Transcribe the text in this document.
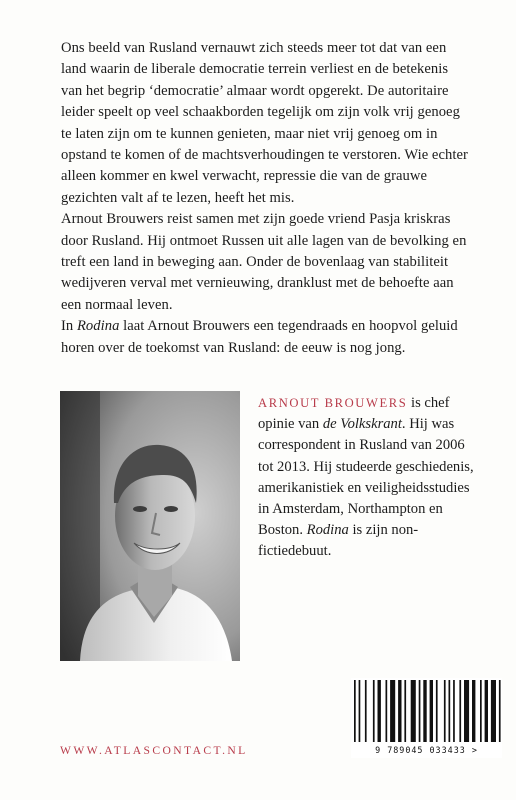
Ons beeld van Rusland vernauwt zich steeds meer tot dat van een land waarin de liberale democratie terrein verliest en de betekenis van het begrip ‘democratie’ almaar wordt opgerekt. De autoritaire leider speelt op veel schaakborden tegelijk om zijn volk vrij genoeg te laten zijn om te kunnen genieten, maar niet vrij genoeg om in opstand te komen of de machtsverhoudingen te verstoren. Wie echter alleen kommer en kwel verwacht, repressie die van de grauwe gezichten valt af te lezen, heeft het mis.

Arnout Brouwers reist samen met zijn goede vriend Pasja kriskras door Rusland. Hij ontmoet Russen uit alle lagen van de bevolking en treft een land in beweging aan. Onder de bovenlaag van stabiliteit wedijveren verval met vernieuwing, dranklust met de behoefte aan een normaal leven.

In Rodina laat Arnout Brouwers een tegendraads en hoopvol geluid horen over de toekomst van Rusland: de eeuw is nog jong.

ARNOUT BROUWERS is chef opinie van de Volkskrant. Hij was correspondent in Rusland van 2006 tot 2013. Hij studeerde geschiedenis, amerikanistiek en veiligheidsstudies in Amsterdam, Northampton en Boston. Rodina is zijn non-fictiedebuut.

WWW.ATLASCONTACT.NL	9 789045 033433 >
